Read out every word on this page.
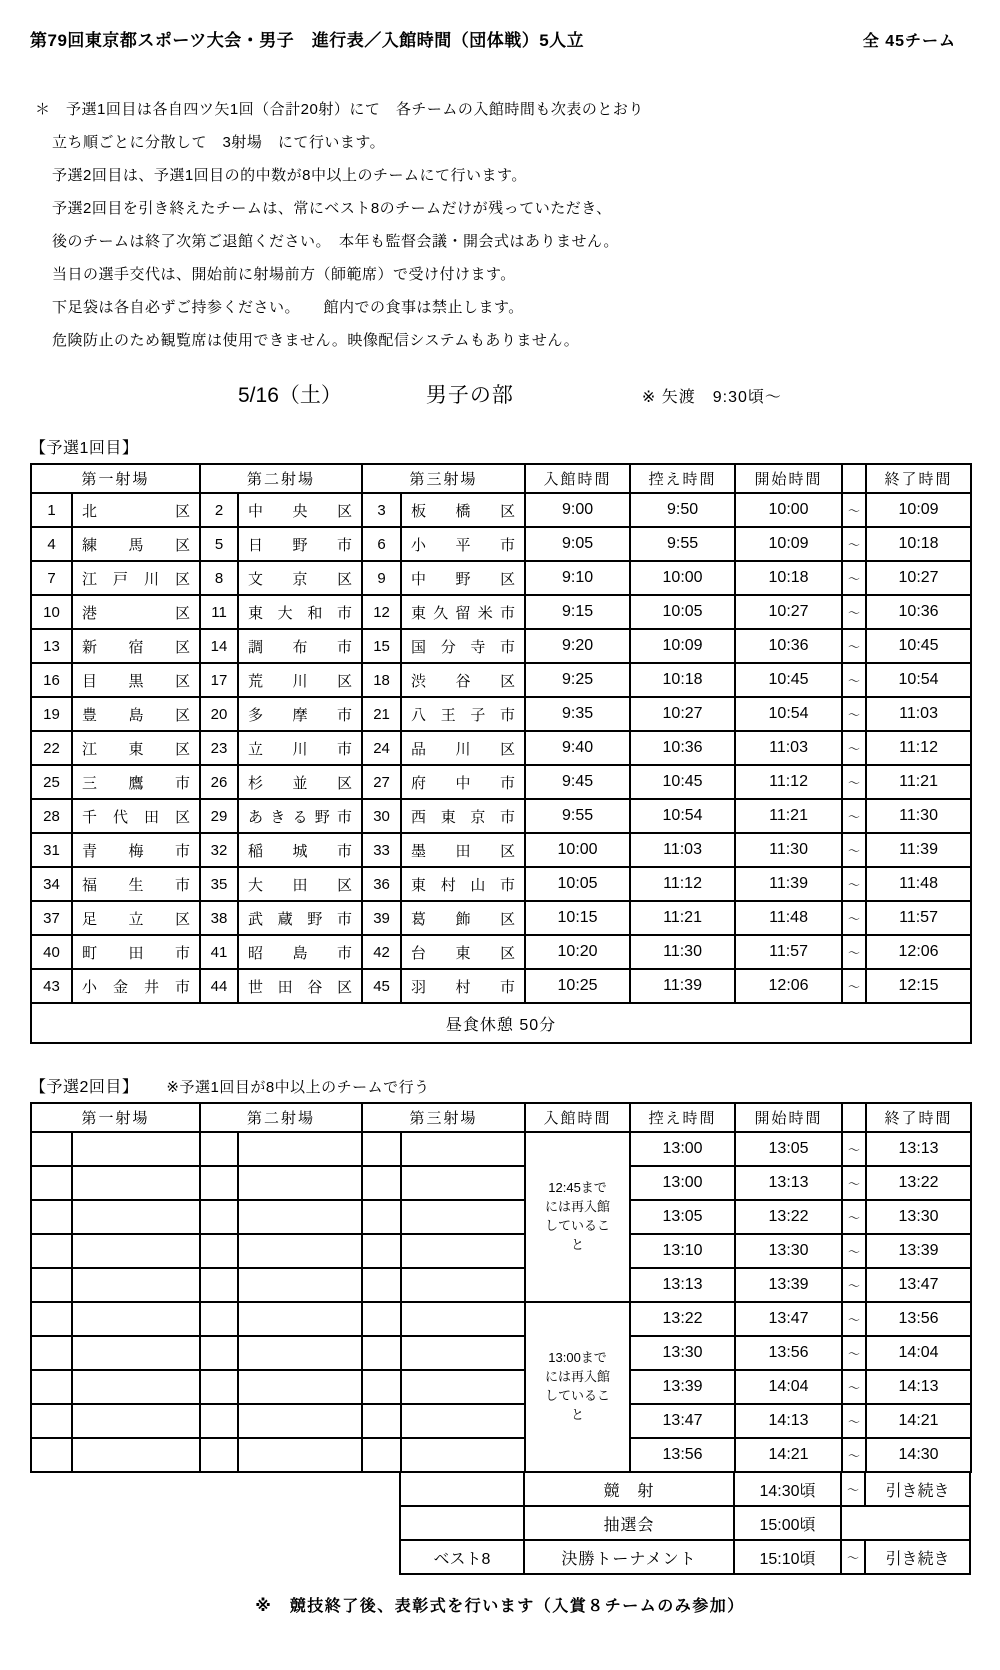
第79回東京都スポーツ大会・男子　進行表／入館時間（団体戦）5人立	全 45チーム
＊　予選1回目は各自四ツ矢1回（合計20射）にて　各チームの入館時間も次表のとおり
立ち順ごとに分散して　3射場　にて行います。
予選2回目は、予選1回目の的中数が8中以上のチームにて行います。
予選2回目を引き終えたチームは、常にベスト8のチームだけが残っていただき、
後のチームは終了次第ご退館ください。　本年も監督会議・開会式はありません。
当日の選手交代は、開始前に射場前方（師範席）で受け付けます。
下足袋は各自必ずご持参ください。　　館内での食事は禁止します。
危険防止のため観覧席は使用できません。映像配信システムもありません。
5/16（土）	男子の部	※ 矢渡　9:30頃～
【予選1回目】
第一射場		第二射場		第三射場		入館時間	控え時間	開始時間		終了時間
1	北区	2	中央区	3	板橋区	9:00	9:50	10:00	～	10:09
4	練馬区	5	日野市	6	小平市	9:05	9:55	10:09	～	10:18
7	江戸川区	8	文京区	9	中野区	9:10	10:00	10:18	～	10:27
10	港区	11	東大和市	12	東久留米市	9:15	10:05	10:27	～	10:36
13	新宿区	14	調布市	15	国分寺市	9:20	10:09	10:36	～	10:45
16	目黒区	17	荒川区	18	渋谷区	9:25	10:18	10:45	～	10:54
19	豊島区	20	多摩市	21	八王子市	9:35	10:27	10:54	～	11:03
22	江東区	23	立川市	24	品川区	9:40	10:36	11:03	～	11:12
25	三鷹市	26	杉並区	27	府中市	9:45	10:45	11:12	～	11:21
28	千代田区	29	あきる野市	30	西東京市	9:55	10:54	11:21	～	11:30
31	青梅市	32	稲城市	33	墨田区	10:00	11:03	11:30	～	11:39
34	福生市	35	大田区	36	東村山市	10:05	11:12	11:39	～	11:48
37	足立区	38	武蔵野市	39	葛飾区	10:15	11:21	11:48	～	11:57
40	町田市	41	昭島市	42	台東区	10:20	11:30	11:57	～	12:06
43	小金井市	44	世田谷区	45	羽村市	10:25	11:39	12:06	～	12:15
昼食休憩 50分										
【予選2回目】 ※予選1回目が8中以上のチームで行う
第一射場		第二射場		第三射場		入館時間	控え時間	開始時間		終了時間
						12:45までには再入館していること	13:00	13:05	～	13:13
							13:00	13:13	～	13:22
							13:05	13:22	～	13:30
							13:10	13:30	～	13:39
							13:13	13:39	～	13:47
						13:00までには再入館していること	13:22	13:47	～	13:56
							13:30	13:56	～	14:04
							13:39	14:04	～	14:13
							13:47	14:13	～	14:21
							13:56	14:21	～	14:30
	競　射	14:30頃	～	引き続き
	抽選会	15:00頃		
ベスト8	決勝トーナメント	15:10頃	～	引き続き
※　競技終了後、表彰式を行います（入賞８チームのみ参加）
